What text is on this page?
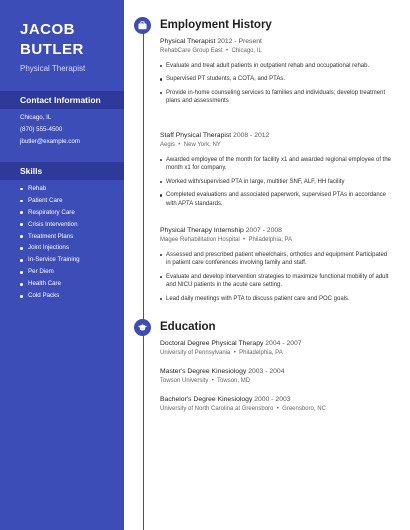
JACOB
BUTLER
Physical Therapist
Contact Information
Chicago, IL
(870) 555-4500
jbutler@example.com
Skills
Rehab
Patient Care
Respiratory Care
Crisis Intervention
Treatment Plans
Joint Injections
In-Service Training
Per Diem
Health Care
Cold Packs
Employment History
Physical Therapist 2012 - Present
RehabCare Group East  •  Chicago, IL
Evaluate and treat adult patients in outpatient rehab and occupational rehab.
Supervised PT students, a COTA, and PTAs.
Provide in-home counseling services to families and individuals; develop treatment plans and assessments
Staff Physical Therapist 2008 - 2012
Aegis  •  New York, NY
Awarded employee of the month for facility x1 and awarded regional employee of the month x1 for company.
Worked with/supervised PTA in large, multitier SNF, ALF, HH facility
Completed evaluations and associated paperwork, supervised PTAs in accordance with APTA standards.
Physical Therapy Internship 2007 - 2008
Magee Rehabilitation Hospital  •  Philadelphia, PA
Assessed and prescribed patient wheelchairs, orthotics and equipment Participated in patient care conferences involving family and staff.
Evaluate and develop intervention strategies to maximize functional mobility of adult and NICU patients in the acute care setting.
Lead daily meetings with PTA to discuss patient care and POC goals.
Education
Doctoral Degree Physical Therapy 2004 - 2007
University of Pennsylvania  •  Philadelphia, PA
Master's Degree Kinesiology 2003 - 2004
Towson University  •  Towson, MD
Bachelor's Degree Kinesiology 2000 - 2003
University of North Carolina at Greensboro  •  Greensboro, NC
